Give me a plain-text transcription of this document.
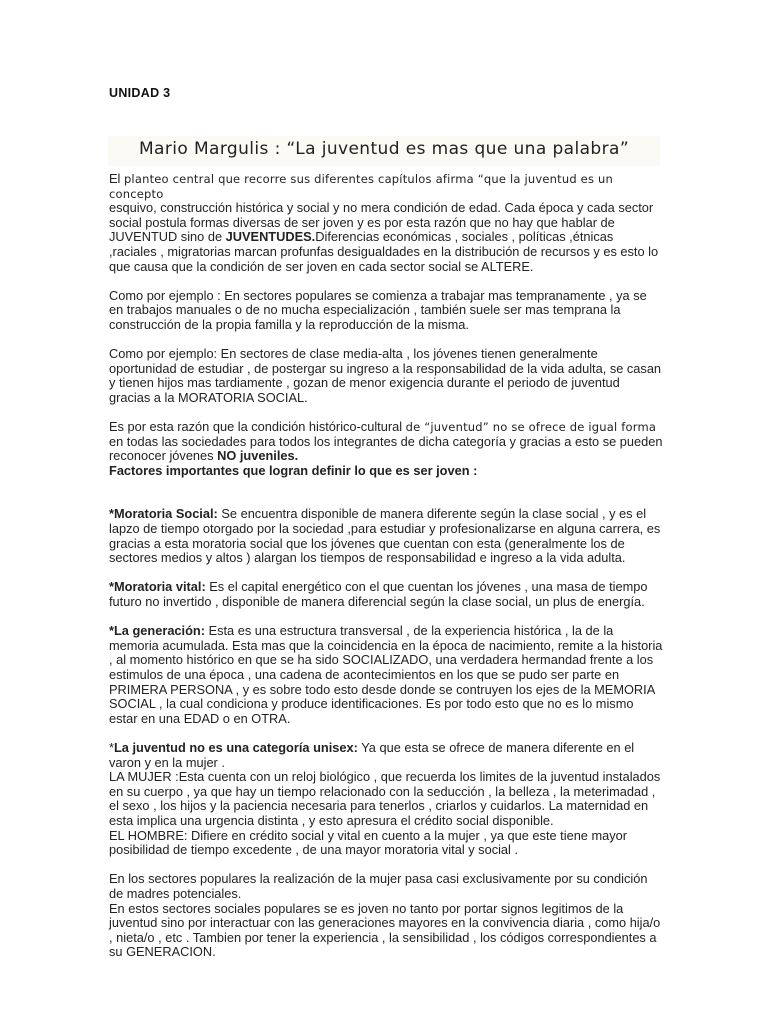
UNIDAD 3
Mario Margulis : “La juventud es mas que una palabra”

El planteo central que recorre sus diferentes capítulos afirma “que la juventud es un concepto
esquivo, construcción histórica y social y no mera condición de edad. Cada época y cada sector social postula formas diversas de ser joven y es por esta razón que no hay que hablar de JUVENTUD sino de JUVENTUDES.Diferencias económicas , sociales , políticas ,étnicas ,raciales , migratorias marcan profunfas desigualdades en la distribución de recursos y es esto lo que causa que la condición de ser joven en cada sector social se ALTERE.

Como por ejemplo : En sectores populares se comienza a trabajar mas tempranamente , ya se en trabajos manuales o de no mucha especialización , también suele ser mas temprana la construcción de la propia familla y la reproducción de la misma.

Como por ejemplo: En sectores de clase media-alta , los jóvenes tienen generalmente oportunidad de estudiar , de postergar su ingreso a la responsabilidad de la vida adulta, se casan y tienen hijos mas tardiamente , gozan de menor exigencia durante el periodo de juventud gracias a la MORATORIA SOCIAL.

Es por esta razón que la condición histórico-cultural de “juventud” no se ofrece de igual forma
en todas las sociedades para todos los integrantes de dicha categoría y gracias a esto se pueden reconocer jóvenes NO juveniles.

Factores importantes que logran definir lo que es ser joven :

*Moratoria Social: Se encuentra disponible de manera diferente según la clase social , y es el lapzo de tiempo otorgado por la sociedad ,para estudiar y profesionalizarse en alguna carrera, es gracias a esta moratoria social que los jóvenes que cuentan con esta (generalmente los de sectores medios y altos ) alargan los tiempos de responsabilidad e ingreso a la vida adulta.

*Moratoria vital: Es el capital energético con el que cuentan los jóvenes , una masa de tiempo futuro no invertido , disponible de manera diferencial según la clase social, un plus de energía.

*La generación: Esta es una estructura transversal , de la experiencia histórica , la de la memoria acumulada. Esta mas que la coincidencia en la época de nacimiento, remite a la historia , al momento histórico en que se ha sido SOCIALIZADO, una verdadera hermandad frente a los estimulos de una época , una cadena de acontecimientos en los que se pudo ser parte en PRIMERA PERSONA , y es sobre todo esto desde donde se contruyen los ejes de la MEMORIA SOCIAL , la cual condiciona y produce identificaciones. Es por todo esto que no es lo mismo estar en una EDAD o en OTRA.

*La juventud no es una categoría unisex: Ya que esta se ofrece de manera diferente en el varon y en la mujer .

LA MUJER :Esta cuenta con un reloj biológico , que recuerda los limites de la juventud instalados en su cuerpo , ya que hay un tiempo relacionado con la seducción , la belleza , la meterimadad , el sexo , los hijos y la paciencia necesaria para tenerlos , criarlos y cuidarlos. La maternidad en esta implica una urgencia distinta , y esto apresura el crédito social disponible.

EL HOMBRE: Difiere en crédito social y vital en cuento a la mujer , ya que este tiene mayor posibilidad de tiempo excedente , de una mayor moratoria vital y social .

En los sectores populares la realización de la mujer pasa casi exclusivamente por su condición de madres potenciales.

En estos sectores sociales populares se es joven no tanto por portar signos legitimos de la juventud sino por interactuar con las generaciones mayores en la convivencia diaria , como hija/o , nieta/o , etc . Tambien por tener la experiencia , la sensibilidad , los códigos correspondientes a su GENERACION.
